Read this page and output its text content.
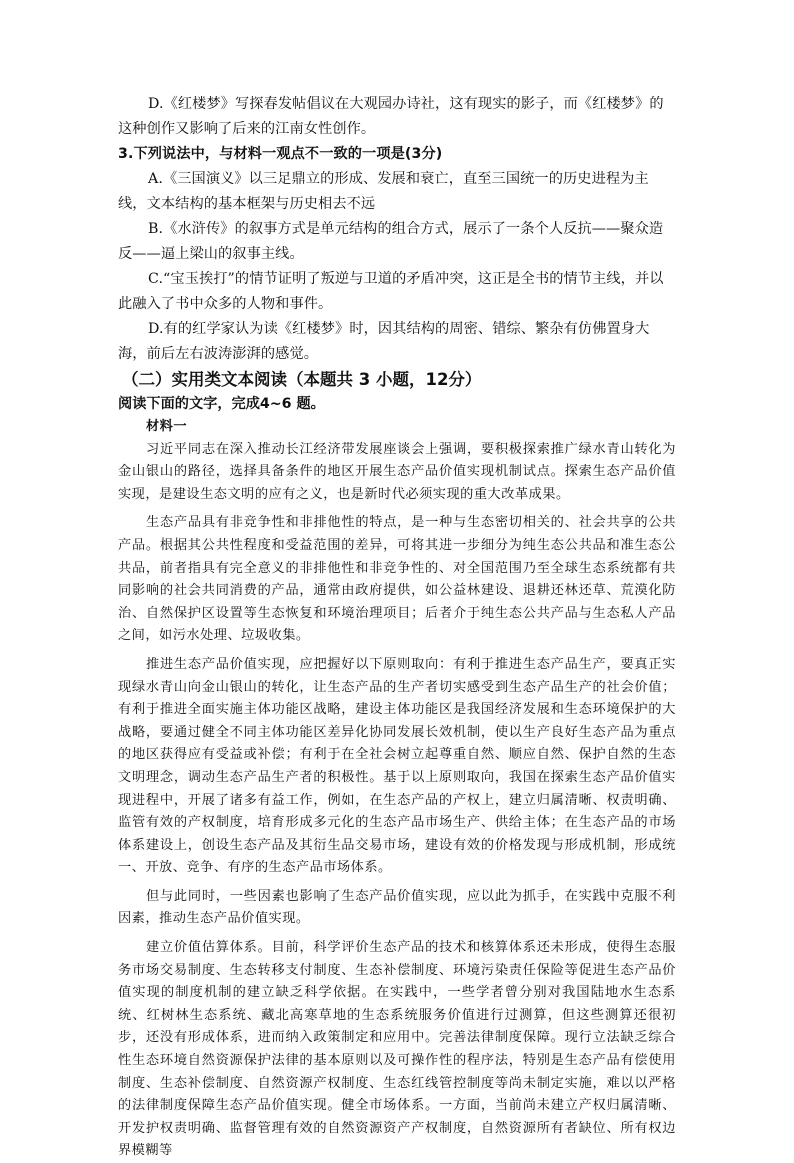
D.《红楼梦》写探春发帖倡议在大观园办诗社，这有现实的影子，而《红楼梦》的这种创作又影响了后来的江南女性创作。

3.下列说法中，与材料一观点不一致的一项是(3分)

A.《三国演义》以三足鼎立的形成、发展和衰亡，直至三国统一的历史进程为主线，文本结构的基本框架与历史相去不远

B.《水浒传》的叙事方式是单元结构的组合方式，展示了一条个人反抗——聚众造反——逼上梁山的叙事主线。

C.“宝玉挨打”的情节证明了叛逆与卫道的矛盾冲突，这正是全书的情节主线，并以此融入了书中众多的人物和事件。

D.有的红学家认为读《红楼梦》时，因其结构的周密、错综、繁杂有仿佛置身大海，前后左右波涛澎湃的感觉。

（二）实用类文本阅读（本题共 3 小题，12分）

阅读下面的文字，完成4~6 题。

材料一

习近平同志在深入推动长江经济带发展座谈会上强调，要积极探索推广绿水青山转化为金山银山的路径，选择具备条件的地区开展生态产品价值实现机制试点。探索生态产品价值实现，是建设生态文明的应有之义，也是新时代必须实现的重大改革成果。

生态产品具有非竞争性和非排他性的特点，是一种与生态密切相关的、社会共享的公共产品。根据其公共性程度和受益范围的差异，可将其进一步细分为纯生态公共品和准生态公共品，前者指具有完全意义的非排他性和非竞争性的、对全国范围乃至全球生态系统都有共同影响的社会共同消费的产品，通常由政府提供，如公益林建设、退耕还林还草、荒漠化防治、自然保护区设置等生态恢复和环境治理项目；后者介于纯生态公共产品与生态私人产品之间，如污水处理、垃圾收集。

推进生态产品价值实现，应把握好以下原则取向：有利于推进生态产品生产，要真正实现绿水青山向金山银山的转化，让生态产品的生产者切实感受到生态产品生产的社会价值；有利于推进全面实施主体功能区战略，建设主体功能区是我国经济发展和生态环境保护的大战略，要通过健全不同主体功能区差异化协同发展长效机制，使以生产良好生态产品为重点的地区获得应有受益或补偿；有利于在全社会树立起尊重自然、顺应自然、保护自然的生态文明理念，调动生态产品生产者的积极性。基于以上原则取向，我国在探索生态产品价值实现进程中，开展了诸多有益工作，例如，在生态产品的产权上，建立归属清晰、权责明确、监管有效的产权制度，培育形成多元化的生态产品市场生产、供给主体；在生态产品的市场体系建设上，创设生态产品及其衍生品交易市场，建设有效的价格发现与形成机制，形成统一、开放、竞争、有序的生态产品市场体系。

但与此同时，一些因素也影响了生态产品价值实现，应以此为抓手，在实践中克服不利因素，推动生态产品价值实现。

建立价值估算体系。目前，科学评价生态产品的技术和核算体系还未形成，使得生态服务市场交易制度、生态转移支付制度、生态补偿制度、环境污染责任保险等促进生态产品价值实现的制度机制的建立缺乏科学依据。在实践中，一些学者曾分别对我国陆地水生态系统、红树林生态系统、藏北高寒草地的生态系统服务价值进行过测算，但这些测算还很初步，还没有形成体系，进而纳入政策制定和应用中。完善法律制度保障。现行立法缺乏综合性生态环境自然资源保护法律的基本原则以及可操作性的程序法，特别是生态产品有偿使用制度、生态补偿制度、自然资源产权制度、生态红线管控制度等尚未制定实施，难以以严格的法律制度保障生态产品价值实现。健全市场体系。一方面，当前尚未建立产权归属清晰、开发护权责明确、监督管理有效的自然资源资产产权制度，自然资源所有者缺位、所有权边界模糊等
